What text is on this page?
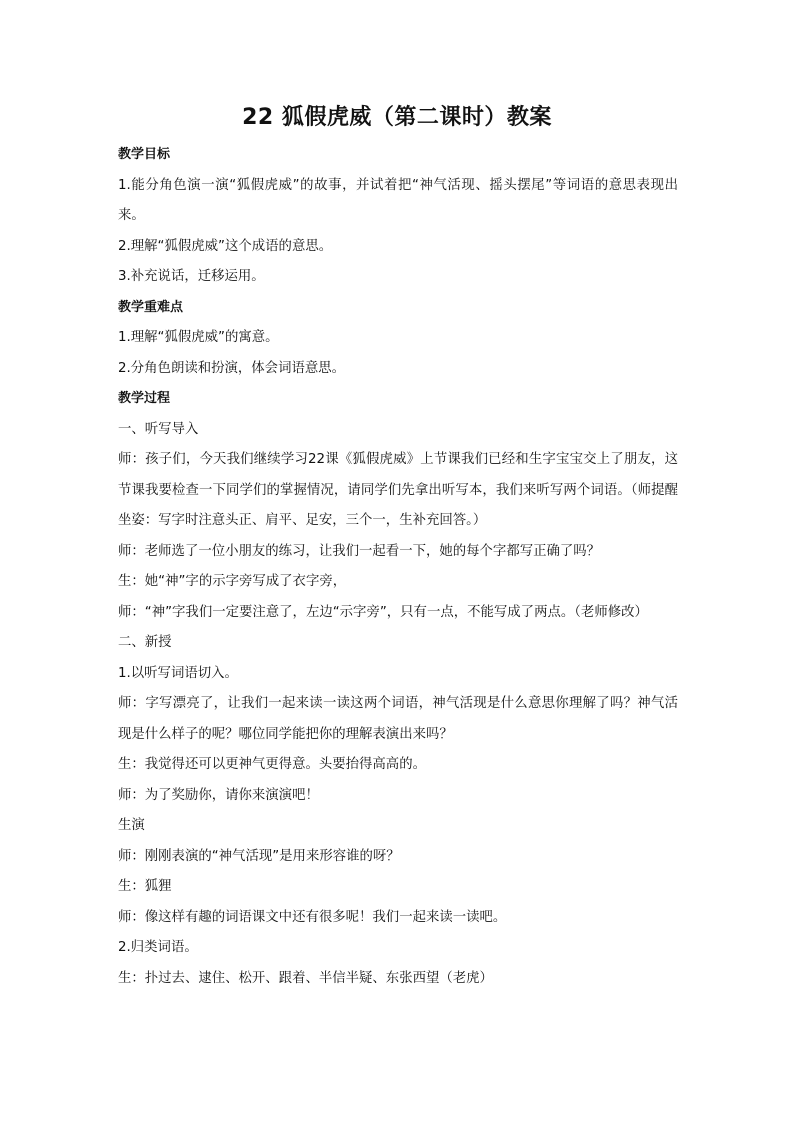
22 狐假虎威（第二课时）教案

教学目标

1.能分角色演一演“狐假虎威”的故事，并试着把“神气活现、摇头摆尾”等词语的意思表现出来。

2.理解“狐假虎威”这个成语的意思。

3.补充说话，迁移运用。

教学重难点

1.理解“狐假虎威”的寓意。

2.分角色朗读和扮演，体会词语意思。

教学过程

一、听写导入

师：孩子们，今天我们继续学习22课《狐假虎威》上节课我们已经和生字宝宝交上了朋友，这节课我要检查一下同学们的掌握情况，请同学们先拿出听写本，我们来听写两个词语。（师提醒坐姿：写字时注意头正、肩平、足安，三个一，生补充回答。）

师：老师选了一位小朋友的练习，让我们一起看一下，她的每个字都写正确了吗？

生：她“神”字的示字旁写成了衣字旁，

师：“神”字我们一定要注意了，左边“示字旁”，只有一点，不能写成了两点。（老师修改）

二、新授

1.以听写词语切入。

师：字写漂亮了，让我们一起来读一读这两个词语，神气活现是什么意思你理解了吗？神气活现是什么样子的呢？哪位同学能把你的理解表演出来吗？

生：我觉得还可以更神气更得意。头要抬得高高的。

师：为了奖励你，请你来演演吧！

生演

师：刚刚表演的“神气活现”是用来形容谁的呀？

生：狐狸

师：像这样有趣的词语课文中还有很多呢！我们一起来读一读吧。

2.归类词语。

生：扑过去、逮住、松开、跟着、半信半疑、东张西望（老虎）
